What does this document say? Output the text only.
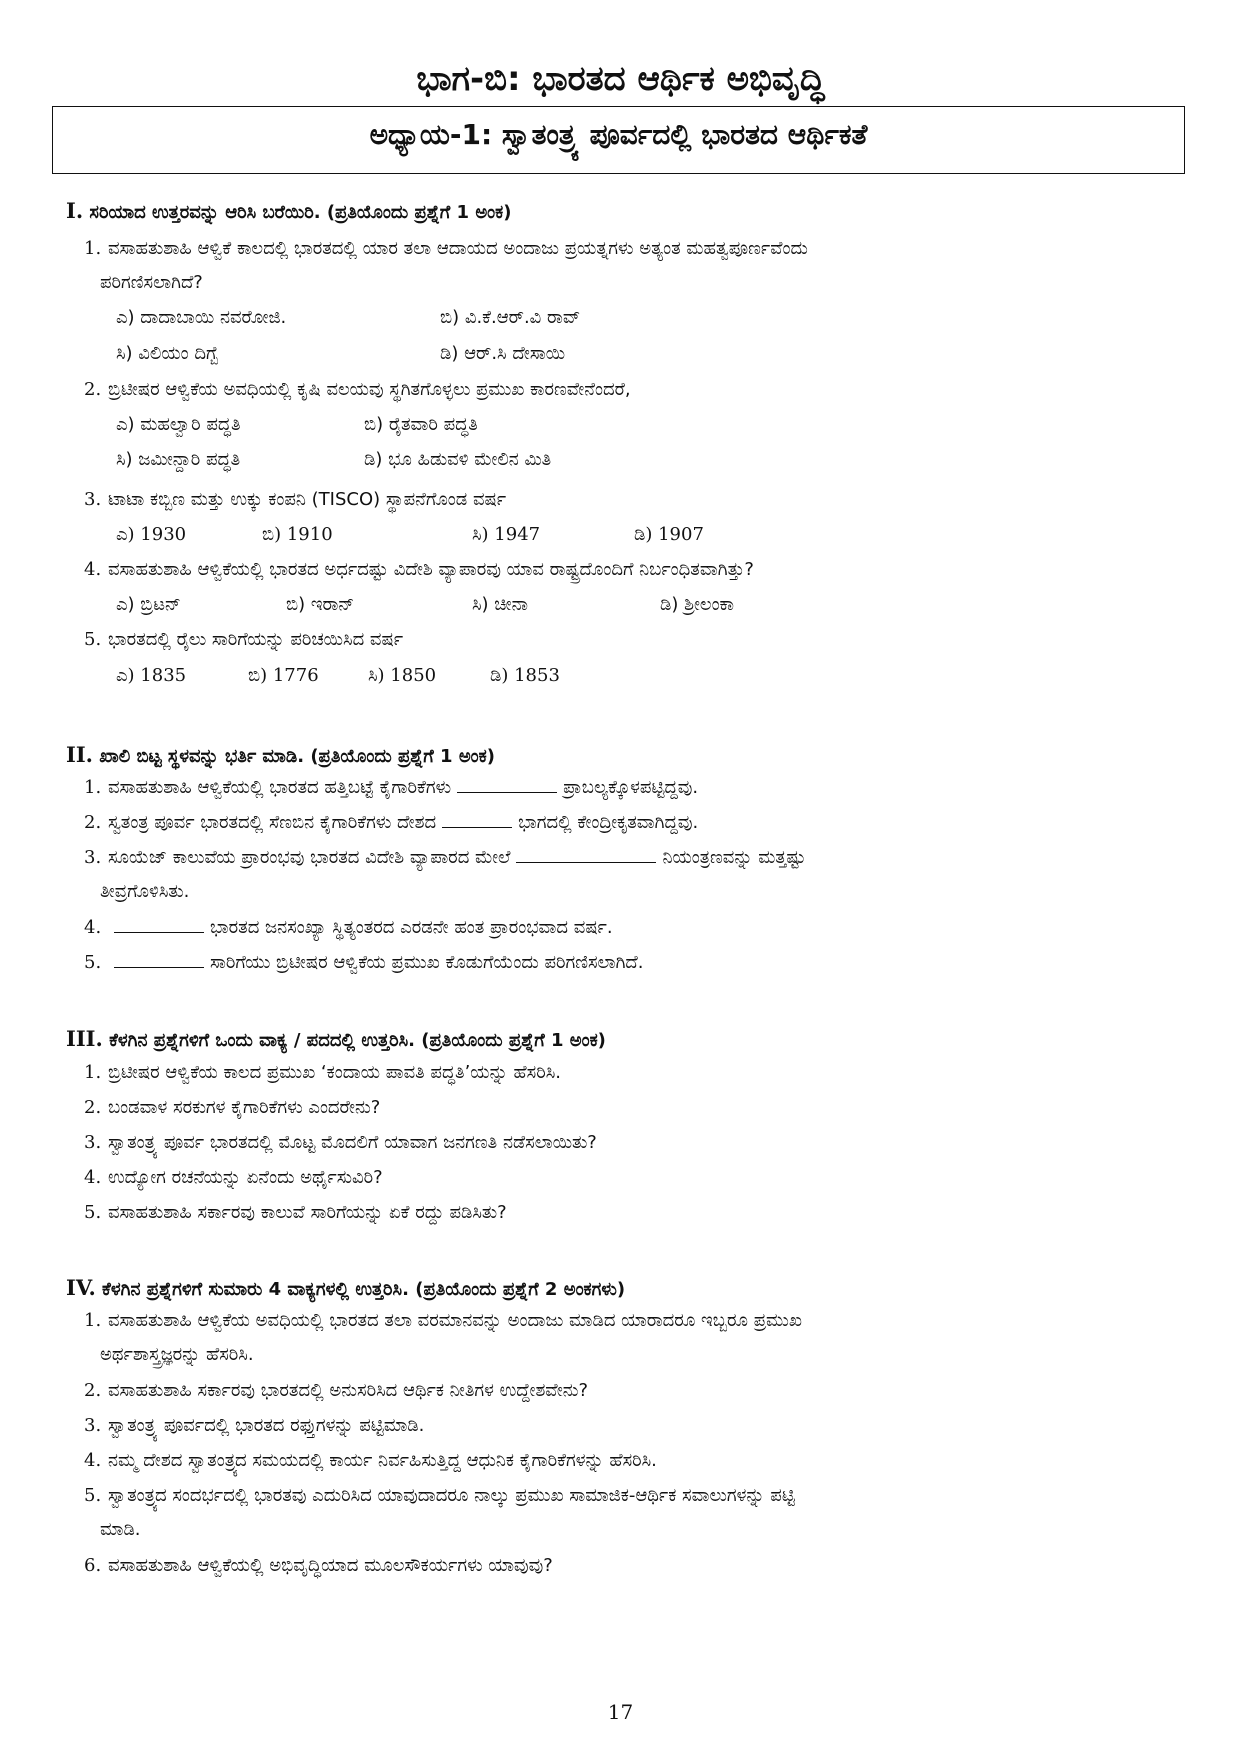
ಭಾಗ-ಬಿ: ಭಾರತದ ಆರ್ಥಿಕ ಅಭಿವೃದ್ಧಿ
ಅಧ್ಯಾಯ-1: ಸ್ವಾತಂತ್ರ್ಯ ಪೂರ್ವದಲ್ಲಿ ಭಾರತದ ಆರ್ಥಿಕತೆ
I. ಸರಿಯಾದ ಉತ್ತರವನ್ನು ಆರಿಸಿ ಬರೆಯಿರಿ. (ಪ್ರತಿಯೊಂದು ಪ್ರಶ್ನೆಗೆ 1 ಅಂಕ)
1. ವಸಾಹತುಶಾಹಿ ಆಳ್ವಿಕೆ ಕಾಲದಲ್ಲಿ ಭಾರತದಲ್ಲಿ ಯಾರ ತಲಾ ಆದಾಯದ ಅಂದಾಜು ಪ್ರಯತ್ನಗಳು ಅತ್ಯಂತ ಮಹತ್ವಪೂರ್ಣವೆಂದು
ಪರಿಗಣಿಸಲಾಗಿದೆ?
ಎ) ದಾದಾಬಾಯಿ ನವರೋಜಿ.	ಬಿ) ವಿ.ಕೆ.ಆರ್.ವಿ ರಾವ್
ಸಿ) ವಿಲಿಯಂ ದಿಗ್ಬೆ	ಡಿ) ಆರ್.ಸಿ ದೇಸಾಯಿ
2. ಬ್ರಿಟೀಷರ ಆಳ್ವಿಕೆಯ ಅವಧಿಯಲ್ಲಿ ಕೃಷಿ ವಲಯವು ಸ್ಥಗಿತಗೊಳ್ಳಲು ಪ್ರಮುಖ ಕಾರಣವೇನೆಂದರೆ,
ಎ) ಮಹಲ್ವಾರಿ ಪದ್ಧತಿ	ಬಿ) ರೈತವಾರಿ ಪದ್ಧತಿ
ಸಿ) ಜಮೀನ್ದಾರಿ ಪದ್ಧತಿ	ಡಿ) ಭೂ ಹಿಡುವಳಿ ಮೇಲಿನ ಮಿತಿ
3. ಟಾಟಾ ಕಬ್ಬಿಣ ಮತ್ತು ಉಕ್ಕು ಕಂಪನಿ (TISCO) ಸ್ಥಾಪನೆಗೊಂಡ ವರ್ಷ
ಎ) 1930	ಬಿ) 1910	ಸಿ) 1947	ಡಿ) 1907
4. ವಸಾಹತುಶಾಹಿ ಆಳ್ವಿಕೆಯಲ್ಲಿ ಭಾರತದ ಅರ್ಧದಷ್ಟು ವಿದೇಶಿ ವ್ಯಾಪಾರವು ಯಾವ ರಾಷ್ಟ್ರದೊಂದಿಗೆ ನಿರ್ಬಂಧಿತವಾಗಿತ್ತು?
ಎ) ಬ್ರಿಟನ್	ಬಿ) ಇರಾನ್	ಸಿ) ಚೀನಾ	ಡಿ) ಶ್ರೀಲಂಕಾ
5. ಭಾರತದಲ್ಲಿ ರೈಲು ಸಾರಿಗೆಯನ್ನು ಪರಿಚಯಿಸಿದ ವರ್ಷ
ಎ) 1835	ಬಿ) 1776	ಸಿ) 1850	ಡಿ) 1853
II. ಖಾಲಿ ಬಿಟ್ಟ ಸ್ಥಳವನ್ನು ಭರ್ತಿ ಮಾಡಿ. (ಪ್ರತಿಯೊಂದು ಪ್ರಶ್ನೆಗೆ 1 ಅಂಕ)
1. ವಸಾಹತುಶಾಹಿ ಆಳ್ವಿಕೆಯಲ್ಲಿ ಭಾರತದ ಹತ್ತಿಬಟ್ಟೆ ಕೈಗಾರಿಕೆಗಳು	ಪ್ರಾಬಲ್ಯಕ್ಕೊಳಪಟ್ಟಿದ್ದವು.
2. ಸ್ವತಂತ್ರ ಪೂರ್ವ ಭಾರತದಲ್ಲಿ ಸೆಣಬಿನ ಕೈಗಾರಿಕೆಗಳು ದೇಶದ	ಭಾಗದಲ್ಲಿ ಕೇಂದ್ರೀಕೃತವಾಗಿದ್ದವು.
3. ಸೂಯೆಜ್ ಕಾಲುವೆಯ ಪ್ರಾರಂಭವು ಭಾರತದ ವಿದೇಶಿ ವ್ಯಾಪಾರದ ಮೇಲೆ	ನಿಯಂತ್ರಣವನ್ನು ಮತ್ತಷ್ಟು
ತೀವ್ರಗೊಳಿಸಿತು.
4.	ಭಾರತದ ಜನಸಂಖ್ಯಾ ಸ್ಥಿತ್ಯಂತರದ ಎರಡನೇ ಹಂತ ಪ್ರಾರಂಭವಾದ ವರ್ಷ.
5.	ಸಾರಿಗೆಯು ಬ್ರಿಟೀಷರ ಆಳ್ವಿಕೆಯ ಪ್ರಮುಖ ಕೊಡುಗೆಯೆಂದು ಪರಿಗಣಿಸಲಾಗಿದೆ.
III. ಕೆಳಗಿನ ಪ್ರಶ್ನೆಗಳಿಗೆ ಒಂದು ವಾಕ್ಯ / ಪದದಲ್ಲಿ ಉತ್ತರಿಸಿ. (ಪ್ರತಿಯೊಂದು ಪ್ರಶ್ನೆಗೆ 1 ಅಂಕ)
1. ಬ್ರಿಟೀಷರ ಆಳ್ವಿಕೆಯ ಕಾಲದ ಪ್ರಮುಖ ‘ಕಂದಾಯ ಪಾವತಿ ಪದ್ಧತಿ’ಯನ್ನು ಹೆಸರಿಸಿ.
2. ಬಂಡವಾಳ ಸರಕುಗಳ ಕೈಗಾರಿಕೆಗಳು ಎಂದರೇನು?
3. ಸ್ವಾತಂತ್ರ್ಯ ಪೂರ್ವ ಭಾರತದಲ್ಲಿ ಮೊಟ್ಟ ಮೊದಲಿಗೆ ಯಾವಾಗ ಜನಗಣತಿ ನಡೆಸಲಾಯಿತು?
4. ಉದ್ಯೋಗ ರಚನೆಯನ್ನು ಏನೆಂದು ಅರ್ಥೈಸುವಿರಿ?
5. ವಸಾಹತುಶಾಹಿ ಸರ್ಕಾರವು ಕಾಲುವೆ ಸಾರಿಗೆಯನ್ನು ಏಕೆ ರದ್ದು ಪಡಿಸಿತು?
IV. ಕೆಳಗಿನ ಪ್ರಶ್ನೆಗಳಿಗೆ ಸುಮಾರು 4 ವಾಕ್ಯಗಳಲ್ಲಿ ಉತ್ತರಿಸಿ. (ಪ್ರತಿಯೊಂದು ಪ್ರಶ್ನೆಗೆ 2 ಅಂಕಗಳು)
1. ವಸಾಹತುಶಾಹಿ ಆಳ್ವಿಕೆಯ ಅವಧಿಯಲ್ಲಿ ಭಾರತದ ತಲಾ ವರಮಾನವನ್ನು ಅಂದಾಜು ಮಾಡಿದ ಯಾರಾದರೂ ಇಬ್ಬರೂ ಪ್ರಮುಖ
ಅರ್ಥಶಾಸ್ತ್ರಜ್ಞರನ್ನು ಹೆಸರಿಸಿ.
2. ವಸಾಹತುಶಾಹಿ ಸರ್ಕಾರವು ಭಾರತದಲ್ಲಿ ಅನುಸರಿಸಿದ ಆರ್ಥಿಕ ನೀತಿಗಳ ಉದ್ದೇಶವೇನು?
3. ಸ್ವಾತಂತ್ರ್ಯ ಪೂರ್ವದಲ್ಲಿ ಭಾರತದ ರಫ್ತುಗಳನ್ನು ಪಟ್ಟಿಮಾಡಿ.
4. ನಮ್ಮ ದೇಶದ ಸ್ವಾತಂತ್ರ್ಯದ ಸಮಯದಲ್ಲಿ ಕಾರ್ಯ ನಿರ್ವಹಿಸುತ್ತಿದ್ದ ಆಧುನಿಕ ಕೈಗಾರಿಕೆಗಳನ್ನು ಹೆಸರಿಸಿ.
5. ಸ್ವಾತಂತ್ರ್ಯದ ಸಂದರ್ಭದಲ್ಲಿ ಭಾರತವು ಎದುರಿಸಿದ ಯಾವುದಾದರೂ ನಾಲ್ಕು ಪ್ರಮುಖ ಸಾಮಾಜಿಕ-ಆರ್ಥಿಕ ಸವಾಲುಗಳನ್ನು ಪಟ್ಟಿ
ಮಾಡಿ.
6. ವಸಾಹತುಶಾಹಿ ಆಳ್ವಿಕೆಯಲ್ಲಿ ಅಭಿವೃದ್ಧಿಯಾದ ಮೂಲಸೌಕರ್ಯಗಳು ಯಾವುವು?
17
